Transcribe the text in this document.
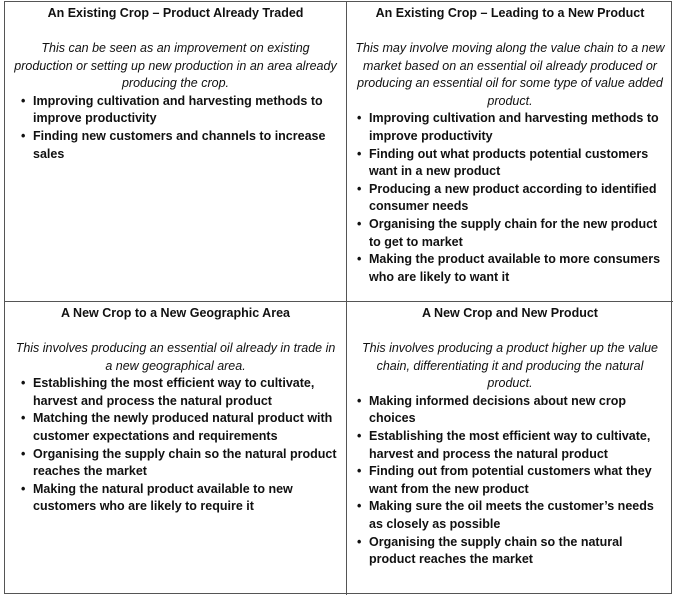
An Existing Crop – Product Already Traded

This can be seen as an improvement on existing production or setting up new production in an area already producing the crop.

• Improving cultivation and harvesting methods to improve productivity
• Finding new customers and channels to increase sales
An Existing Crop – Leading to a New Product

This may involve moving along the value chain to a new market based on an essential oil already produced or producing an essential oil for some type of value added product.

• Improving cultivation and harvesting methods to improve productivity
• Finding out what products potential customers want in a new product
• Producing a new product according to identified consumer needs
• Organising the supply chain for the new product to get to market
• Making the product available to more consumers who are likely to want it
A New Crop to a New Geographic Area

This involves producing an essential oil already in trade in a new geographical area.

• Establishing the most efficient way to cultivate, harvest and process the natural product
• Matching the newly produced natural product with customer expectations and requirements
• Organising the supply chain so the natural product reaches the market
• Making the natural product available to new customers who are likely to require it
A New Crop and New Product

This involves producing a product higher up the value chain, differentiating it and producing the natural product.

• Making informed decisions about new crop choices
• Establishing the most efficient way to cultivate, harvest and process the natural product
• Finding out from potential customers what they want from the new product
• Making sure the oil meets the customer’s needs as closely as possible
• Organising the supply chain so the natural product reaches the market
